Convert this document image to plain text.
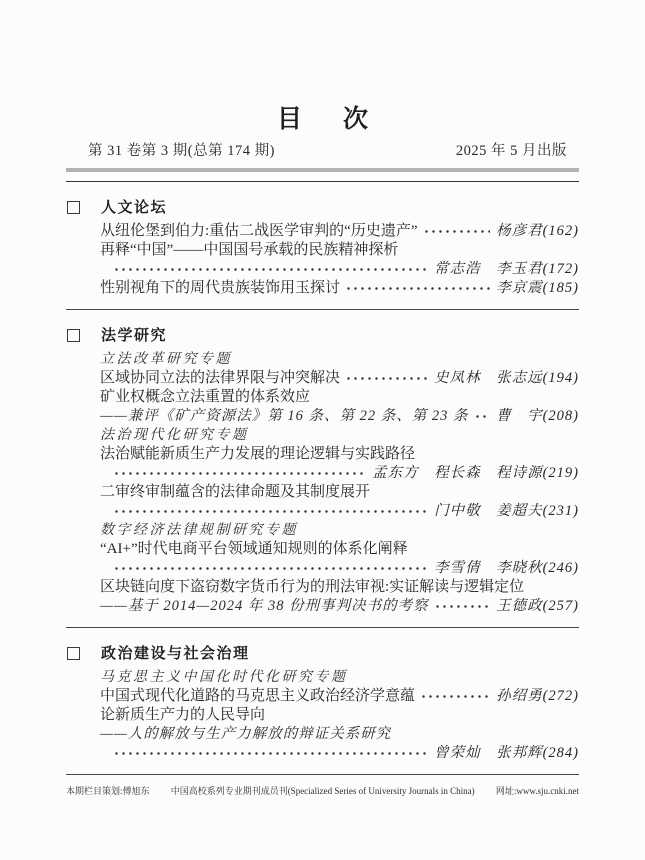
目　次
第 31 卷第 3 期(总第 174 期)	2025 年 5 月出版
人文论坛
从纽伦堡到伯力:重估二战医学审判的“历史遗产”	杨彦君(162)
再释“中国”——中国国号承载的民族精神探析
常志浩　李玉君(172)
性别视角下的周代贵族装饰用玉探讨	李京震(185)
法学研究
立法改革研究专题
区域协同立法的法律界限与冲突解决	史凤林　张志远(194)
矿业权概念立法重置的体系效应
——兼评《矿产资源法》第 16 条、第 22 条、第 23 条 曹　宇(208)
法治现代化研究专题
法治赋能新质生产力发展的理论逻辑与实践路径
孟东方　程长森　程诗源(219)
二审终审制蕴含的法律命题及其制度展开
门中敬　姜超夫(231)
数字经济法律规制研究专题
“AI+”时代电商平台领域通知规则的体系化阐释
李雪倩　李晓秋(246)
区块链向度下盗窃数字货币行为的刑法审视:实证解读与逻辑定位
——基于 2014—2024 年 38 份刑事判决书的考察	王德政(257)
政治建设与社会治理
马克思主义中国化时代化研究专题
中国式现代化道路的马克思主义政治经济学意蕴	孙绍勇(272)
论新质生产力的人民导向
——人的解放与生产力解放的辩证关系研究
曾荣灿　张邦辉(284)
本期栏目策划:傅旭东 中国高校系列专业期刊成员刊(Specialized Series of University Journals in China) 网址:www.sju.cnki.net
